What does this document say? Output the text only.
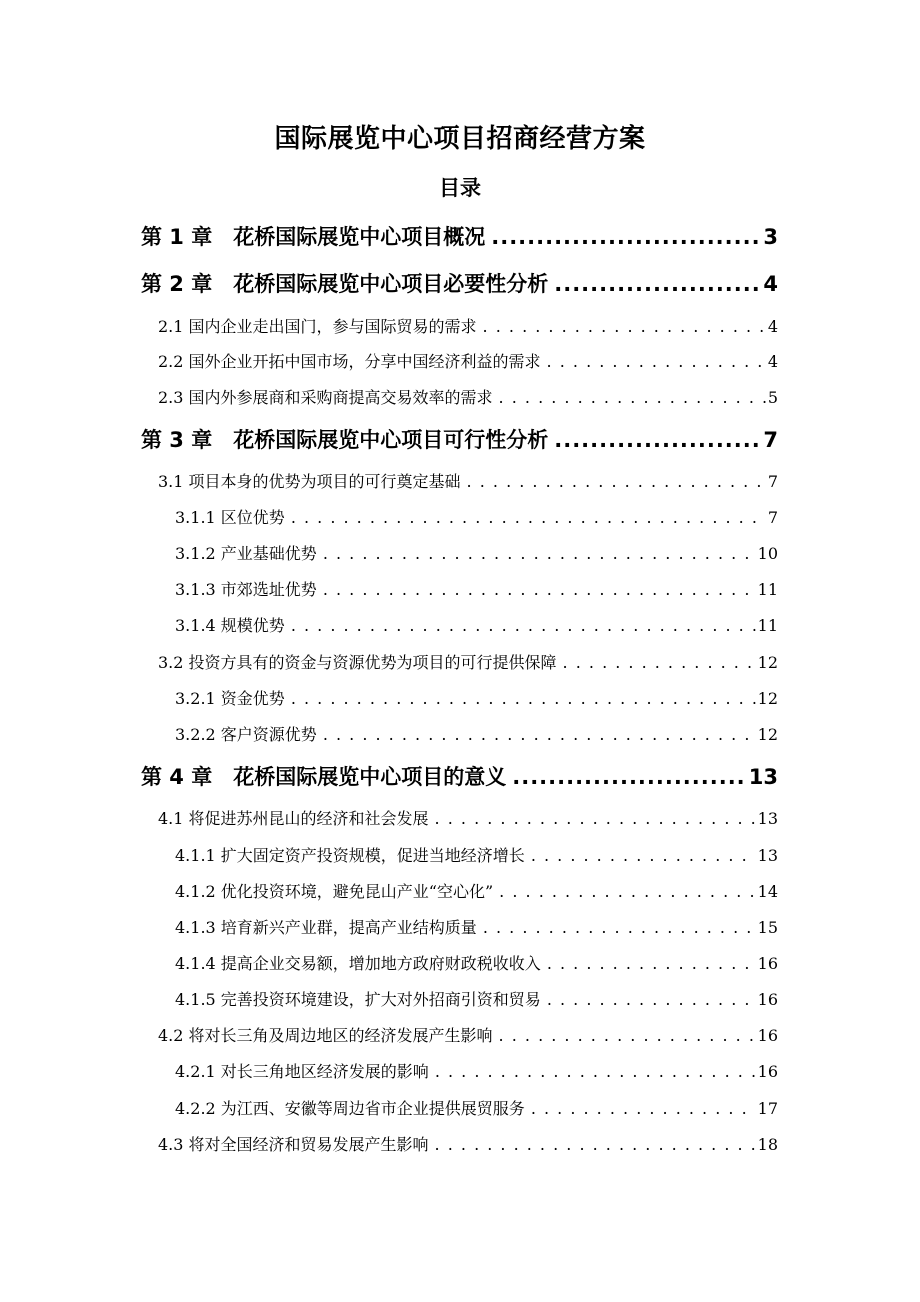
国际展览中心项目招商经营方案
目录
第 1 章　花桥国际展览中心项目概况 .....	3
第 2 章　花桥国际展览中心项目必要性分析 .....	4
2.1 国内企业走出国门，参与国际贸易的需求 . . .	4
2.2 国外企业开拓中国市场，分享中国经济利益的需求 . . .	4
2.3 国内外参展商和采购商提高交易效率的需求 . . .	5
第 3 章　花桥国际展览中心项目可行性分析 .....	7
3.1 项目本身的优势为项目的可行奠定基础 . . .	7
3.1.1 区位优势 . . .	7
3.1.2 产业基础优势 . . .	10
3.1.3 市郊选址优势 . . .	11
3.1.4 规模优势 . . .	11
3.2 投资方具有的资金与资源优势为项目的可行提供保障 . . .	12
3.2.1 资金优势 . . .	12
3.2.2 客户资源优势 . . .	12
第 4 章　花桥国际展览中心项目的意义 .....	13
4.1 将促进苏州昆山的经济和社会发展 . . .	13
4.1.1 扩大固定资产投资规模，促进当地经济增长 . . .	13
4.1.2 优化投资环境，避免昆山产业“空心化” . . .	14
4.1.3 培育新兴产业群，提高产业结构质量 . . .	15
4.1.4 提高企业交易额，增加地方政府财政税收收入 . . .	16
4.1.5 完善投资环境建设，扩大对外招商引资和贸易 . . .	16
4.2 将对长三角及周边地区的经济发展产生影响 . . .	16
4.2.1 对长三角地区经济发展的影响 . . .	16
4.2.2 为江西、安徽等周边省市企业提供展贸服务 . . .	17
4.3 将对全国经济和贸易发展产生影响 . . .	18
